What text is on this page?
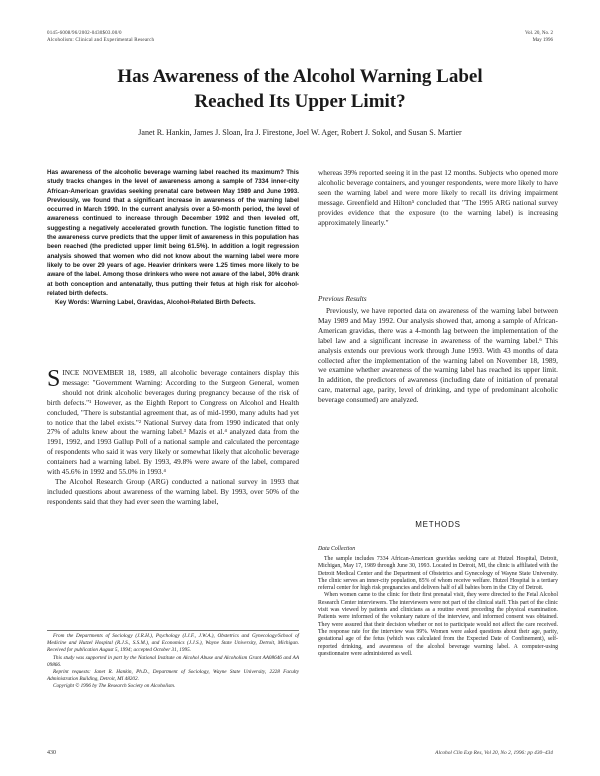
0145-6008/96/2002-0430$03.00/0
Alcoholism: Clinical and Experimental Research
Vol. 20, No. 2
May 1996
Has Awareness of the Alcohol Warning Label
Reached Its Upper Limit?
Janet R. Hankin, James J. Sloan, Ira J. Firestone, Joel W. Ager, Robert J. Sokol, and Susan S. Martier

Has awareness of the alcoholic beverage warning label reached its maximum? This study tracks changes in the level of awareness among a sample of 7334 inner-city African-American gravidas seeking prenatal care between May 1989 and June 1993. Previously, we found that a significant increase in awareness of the warning label occurred in March 1990. In the current analysis over a 50-month period, the level of awareness continued to increase through December 1992 and then leveled off, suggesting a negatively accelerated growth function. The logistic function fitted to the awareness curve predicts that the upper limit of awareness in this population has been reached (the predicted upper limit being 61.5%). In addition a logit regression analysis showed that women who did not know about the warning label were more likely to be over 29 years of age. Heavier drinkers were 1.25 times more likely to be aware of the label. Among those drinkers who were not aware of the label, 30% drank at both conception and antenatally, thus putting their fetus at high risk for alcohol-related birth defects.

Key Words: Warning Label, Gravidas, Alcohol-Related Birth Defects.

SINCE NOVEMBER 18, 1989, all alcoholic beverage containers display this message: "Government Warning: According to the Surgeon General, women should not drink alcoholic beverages during pregnancy because of the risk of birth defects."¹ However, as the Eighth Report to Congress on Alcohol and Health concluded, "There is substantial agreement that, as of mid-1990, many adults had yet to notice that the label exists."² National Survey data from 1990 indicated that only 27% of adults knew about the warning label.³ Mazis et al.⁴ analyzed data from the 1991, 1992, and 1993 Gallup Poll of a national sample and calculated the percentage of respondents who said it was very likely or somewhat likely that alcoholic beverage containers had a warning label. By 1993, 49.8% were aware of the label, compared with 45.6% in 1992 and 55.0% in 1993.⁴

The Alcohol Research Group (ARG) conducted a national survey in 1993 that included questions about awareness of the warning label. By 1993, over 50% of the respondents said that they had ever seen the warning label,

From the Departments of Sociology (J.R.H.), Psychology (I.J.F., J.W.A.), Obstetrics and Gynecology/School of Medicine and Hutzel Hospital (R.J.S., S.S.M.), and Economics (J.J.S.), Wayne State University, Detroit, Michigan. Received for publication August 5, 1994; accepted October 31, 1995.

This study was supported in part by the National Institute on Alcohol Abuse and Alcoholism Grant AA08646 and AA 09866.

Reprint requests: Janet R. Hankin, Ph.D., Department of Sociology, Wayne State University, 2228 Faculty Administration Building, Detroit, MI 48202.

Copyright © 1996 by The Research Society on Alcoholism.

whereas 39% reported seeing it in the past 12 months. Subjects who opened more alcoholic beverage containers, and younger respondents, were more likely to have seen the warning label and were more likely to recall its driving impairment message. Greenfield and Hilton⁵ concluded that "The 1995 ARG national survey provides evidence that the exposure (to the warning label) is increasing approximately linearly."

Previous Results

Previously, we have reported data on awareness of the warning label between May 1989 and May 1992. Our analysis showed that, among a sample of African-American gravidas, there was a 4-month lag between the implementation of the label law and a significant increase in awareness of the warning label.⁶ This analysis extends our previous work through June 1993. With 43 months of data collected after the implementation of the warning label on November 18, 1989, we examine whether awareness of the warning label has reached its upper limit. In addition, the predictors of awareness (including date of initiation of prenatal care, maternal age, parity, level of drinking, and type of predominant alcoholic beverage consumed) are analyzed.

METHODS
Data Collection

The sample includes 7334 African-American gravidas seeking care at Hutzel Hospital, Detroit, Michigan, May 17, 1989 through June 30, 1993. Located in Detroit, MI, the clinic is affiliated with the Detroit Medical Center and the Department of Obstetrics and Gynecology of Wayne State University. The clinic serves an inner-city population, 85% of whom receive welfare. Hutzel Hospital is a tertiary referral center for high risk pregnancies and delivers half of all babies born in the City of Detroit.

When women came to the clinic for their first prenatal visit, they were directed to the Fetal Alcohol Research Center interviewers. The interviewers were not part of the clinical staff. This part of the clinic visit was viewed by patients and clinicians as a routine event preceding the physical examination. Patients were informed of the voluntary nature of the interview, and informed consent was obtained. They were assured that their decision whether or not to participate would not affect the care received. The response rate for the interview was 99%. Women were asked questions about their age, parity, gestational age of the fetus (which was calculated from the Expected Date of Confinement), self-reported drinking, and awareness of the alcohol beverage warning label. A computer-using questionnaire were administered as well.

430	Alcohol Clin Exp Res, Vol 20, No 2, 1996: pp 430–434
